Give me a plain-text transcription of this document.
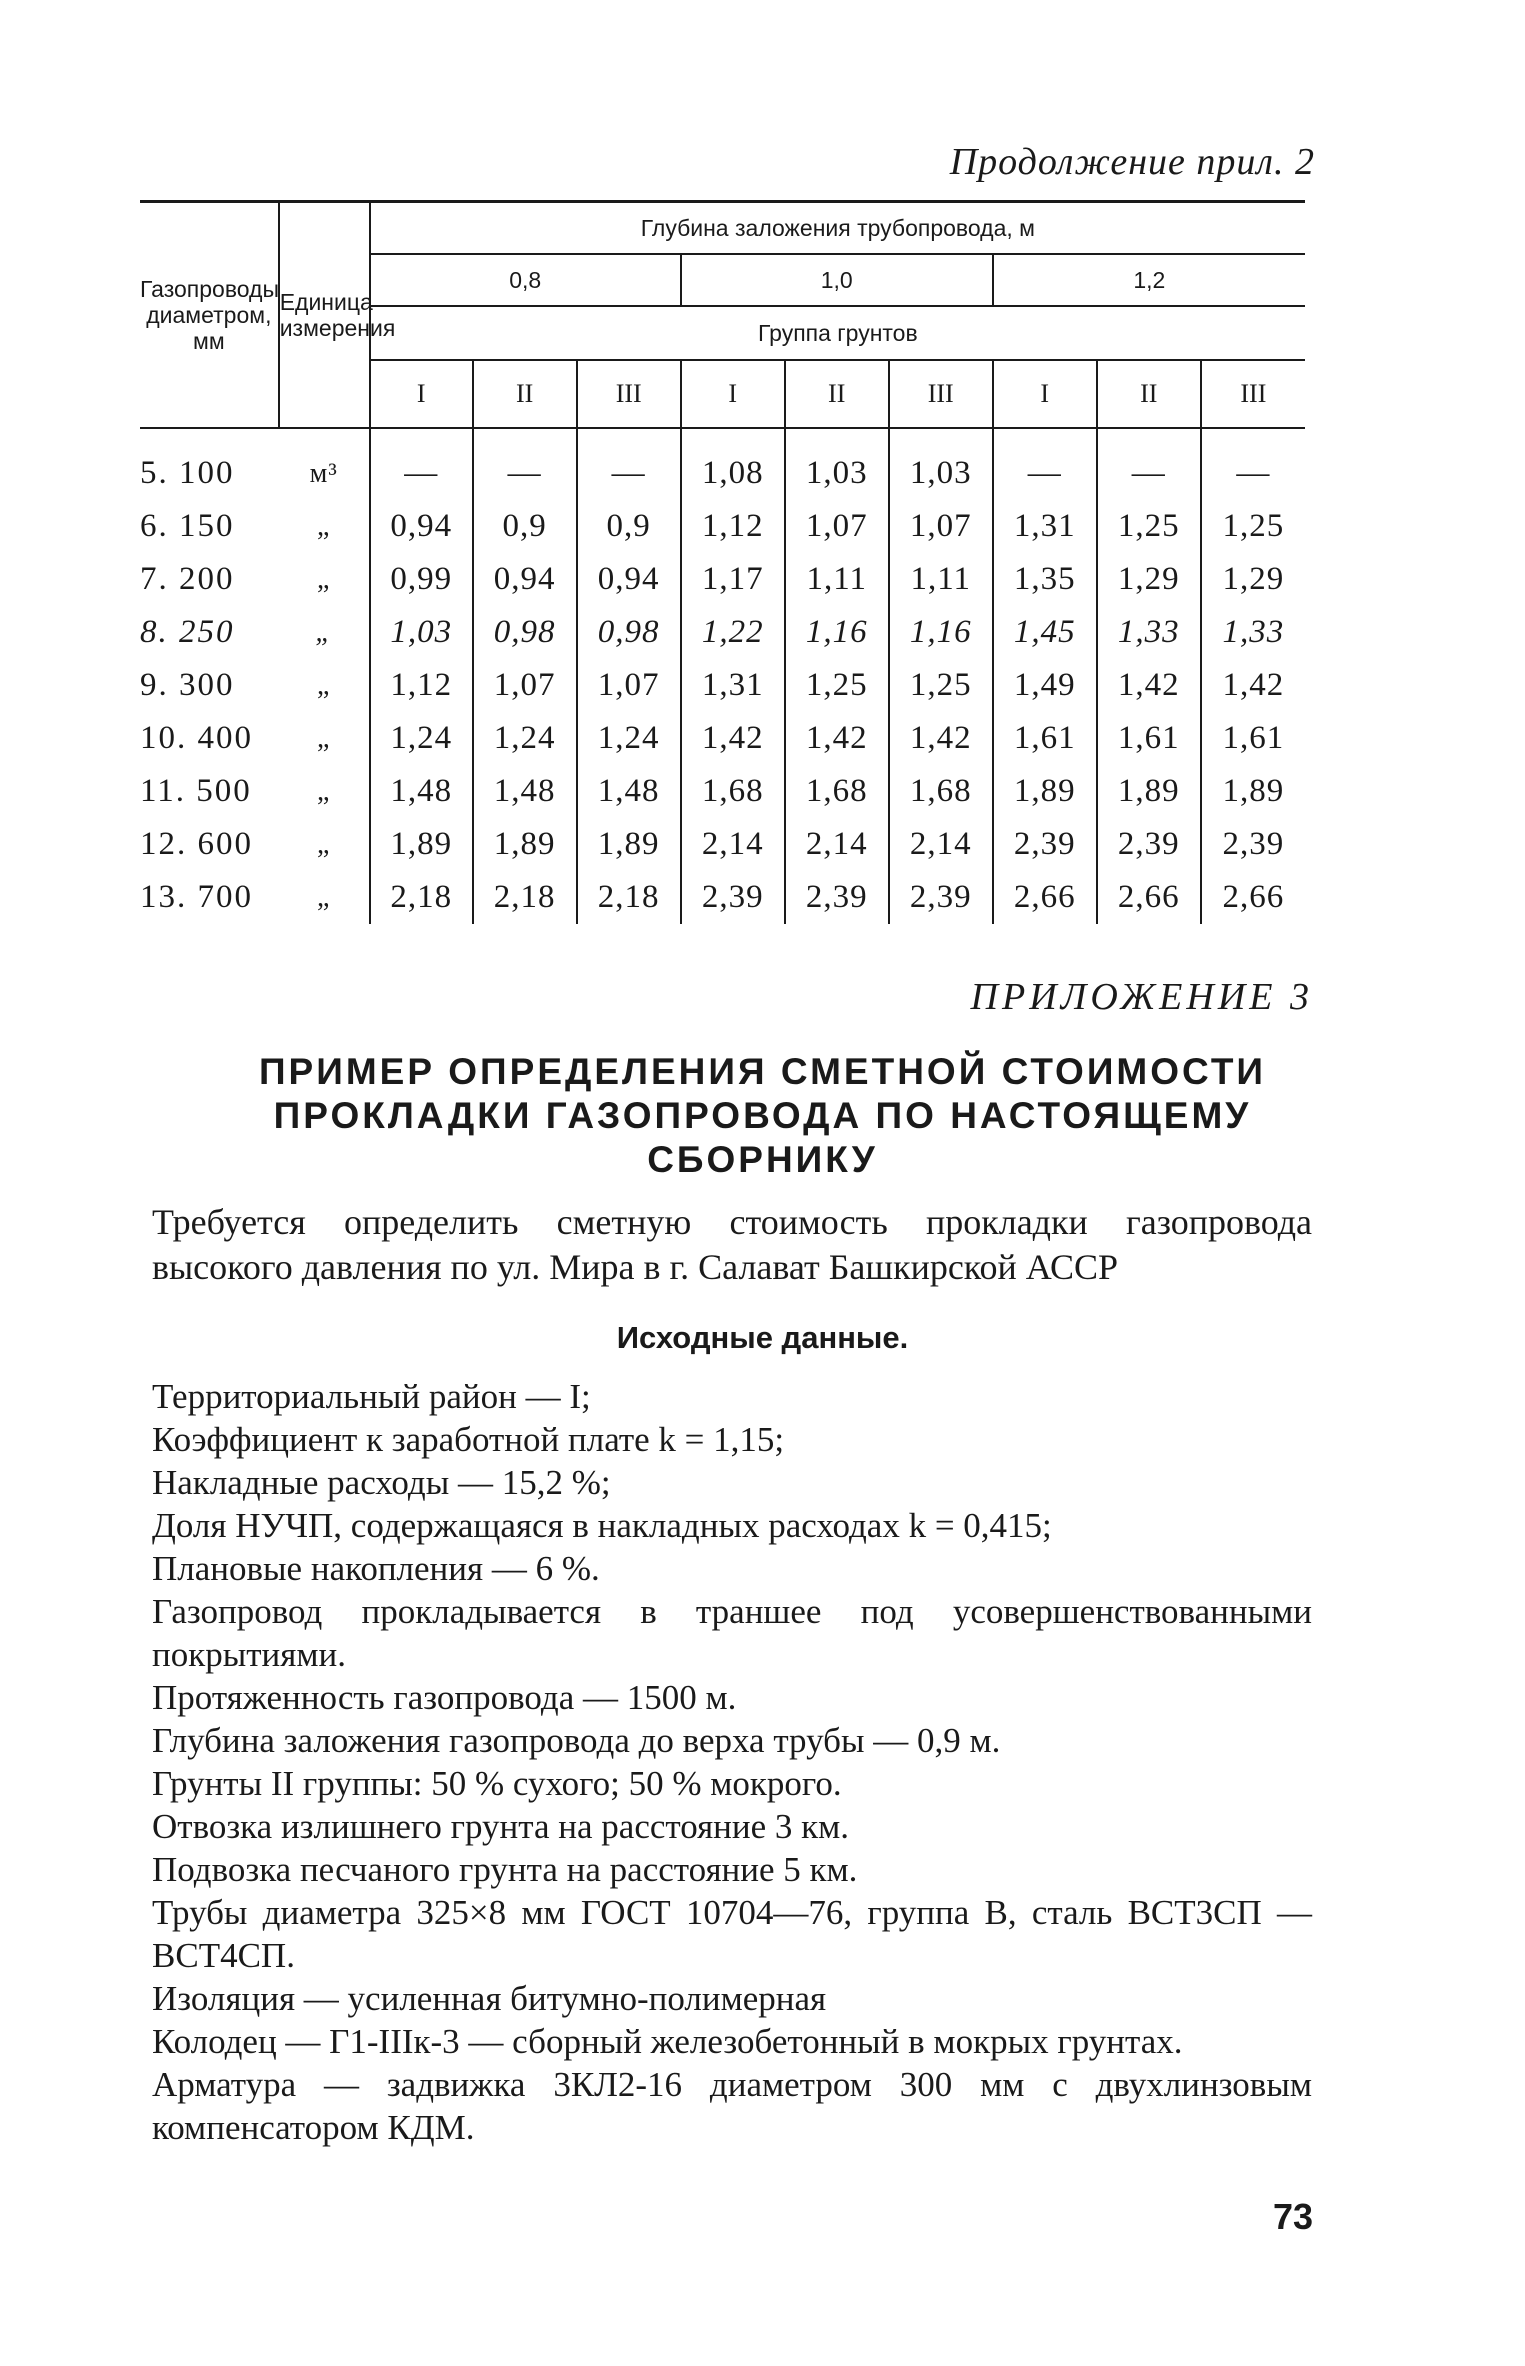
Продолжение прил. 2
Газопроводы диаметром, мм	Единица измерения	Глубина заложения трубопровода, м								
		0,8			1,0			1,2		
		Группа грунтов								
		I	II	III	I	II	III	I	II	III

5. 100	м³	—	—	—	1,08	1,03	1,03	—	—	—
6. 150	„	0,94	0,9	0,9	1,12	1,07	1,07	1,31	1,25	1,25
7. 200	„	0,99	0,94	0,94	1,17	1,11	1,11	1,35	1,29	1,29
8. 250	„	1,03	0,98	0,98	1,22	1,16	1,16	1,45	1,33	1,33
9. 300	„	1,12	1,07	1,07	1,31	1,25	1,25	1,49	1,42	1,42
10. 400	„	1,24	1,24	1,24	1,42	1,42	1,42	1,61	1,61	1,61
11. 500	„	1,48	1,48	1,48	1,68	1,68	1,68	1,89	1,89	1,89
12. 600	„	1,89	1,89	1,89	2,14	2,14	2,14	2,39	2,39	2,39
13. 700	„	2,18	2,18	2,18	2,39	2,39	2,39	2,66	2,66	2,66
ПРИЛОЖЕНИЕ 3
ПРИМЕР ОПРЕДЕЛЕНИЯ СМЕТНОЙ СТОИМОСТИ
ПРОКЛАДКИ ГАЗОПРОВОДА ПО НАСТОЯЩЕМУ
СБОРНИКУ
Требуется определить сметную стоимость прокладки газопровода высокого давления по ул. Мира в г. Салават Башкирской АССР
Исходные данные.

Территориальный район — I;

Коэффициент к заработной плате k = 1,15;

Накладные расходы — 15,2 %;

Доля НУЧП, содержащаяся в накладных расходах k = 0,415;

Плановые накопления — 6 %.

Газопровод прокладывается в траншее под усовершенствованными покрытиями.

Протяженность газопровода — 1500 м.

Глубина заложения газопровода до верха трубы — 0,9 м.

Грунты II группы: 50 % сухого; 50 % мокрого.

Отвозка излишнего грунта на расстояние 3 км.

Подвозка песчаного грунта на расстояние 5 км.

Трубы диаметра 325×8 мм ГОСТ 10704—76, группа В, сталь ВСТ3СП — ВСТ4СП.

Изоляция — усиленная битумно-полимерная

Колодец — Г1-IIIк-3 — сборный железобетонный в мокрых грунтах.

Арматура — задвижка 3КЛ2-16 диаметром 300 мм с двухлинзовым компенсатором КДМ.

73
